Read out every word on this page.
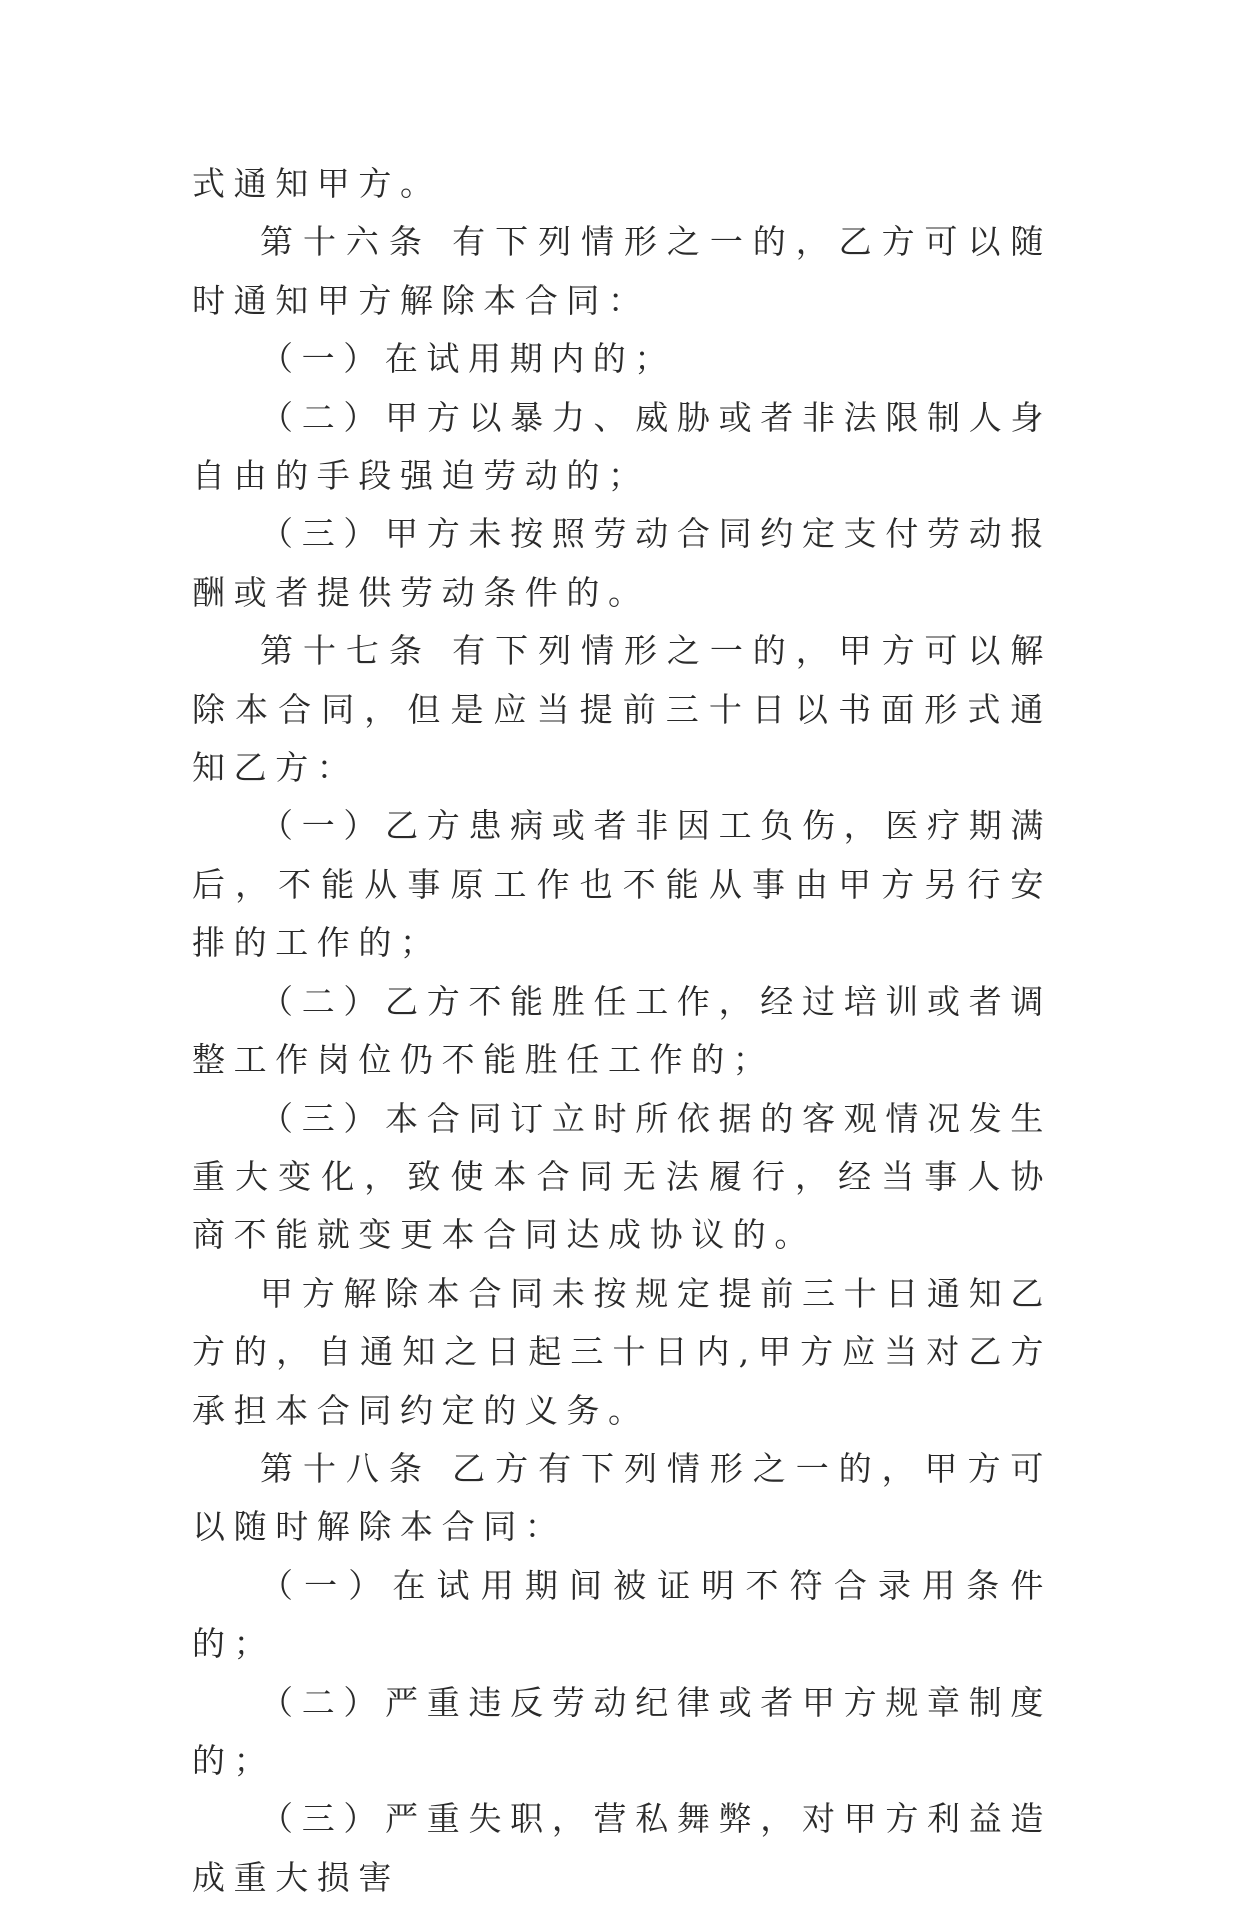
式通知甲方。

第十六条 有下列情形之一的，乙方可以随时通知甲方解除本合同：

（一）在试用期内的；

（二）甲方以暴力、威胁或者非法限制人身自由的手段强迫劳动的；

（三）甲方未按照劳动合同约定支付劳动报酬或者提供劳动条件的。

第十七条 有下列情形之一的，甲方可以解除本合同，但是应当提前三十日以书面形式通知乙方：

（一）乙方患病或者非因工负伤，医疗期满后，不能从事原工作也不能从事由甲方另行安排的工作的；

（二）乙方不能胜任工作，经过培训或者调整工作岗位仍不能胜任工作的；

（三）本合同订立时所依据的客观情况发生重大变化，致使本合同无法履行，经当事人协商不能就变更本合同达成协议的。

甲方解除本合同未按规定提前三十日通知乙方的，自通知之日起三十日内,甲方应当对乙方承担本合同约定的义务。

第十八条 乙方有下列情形之一的，甲方可以随时解除本合同：

（一）在试用期间被证明不符合录用条件的；

（二）严重违反劳动纪律或者甲方规章制度的；

（三）严重失职，营私舞弊，对甲方利益造成重大损害
